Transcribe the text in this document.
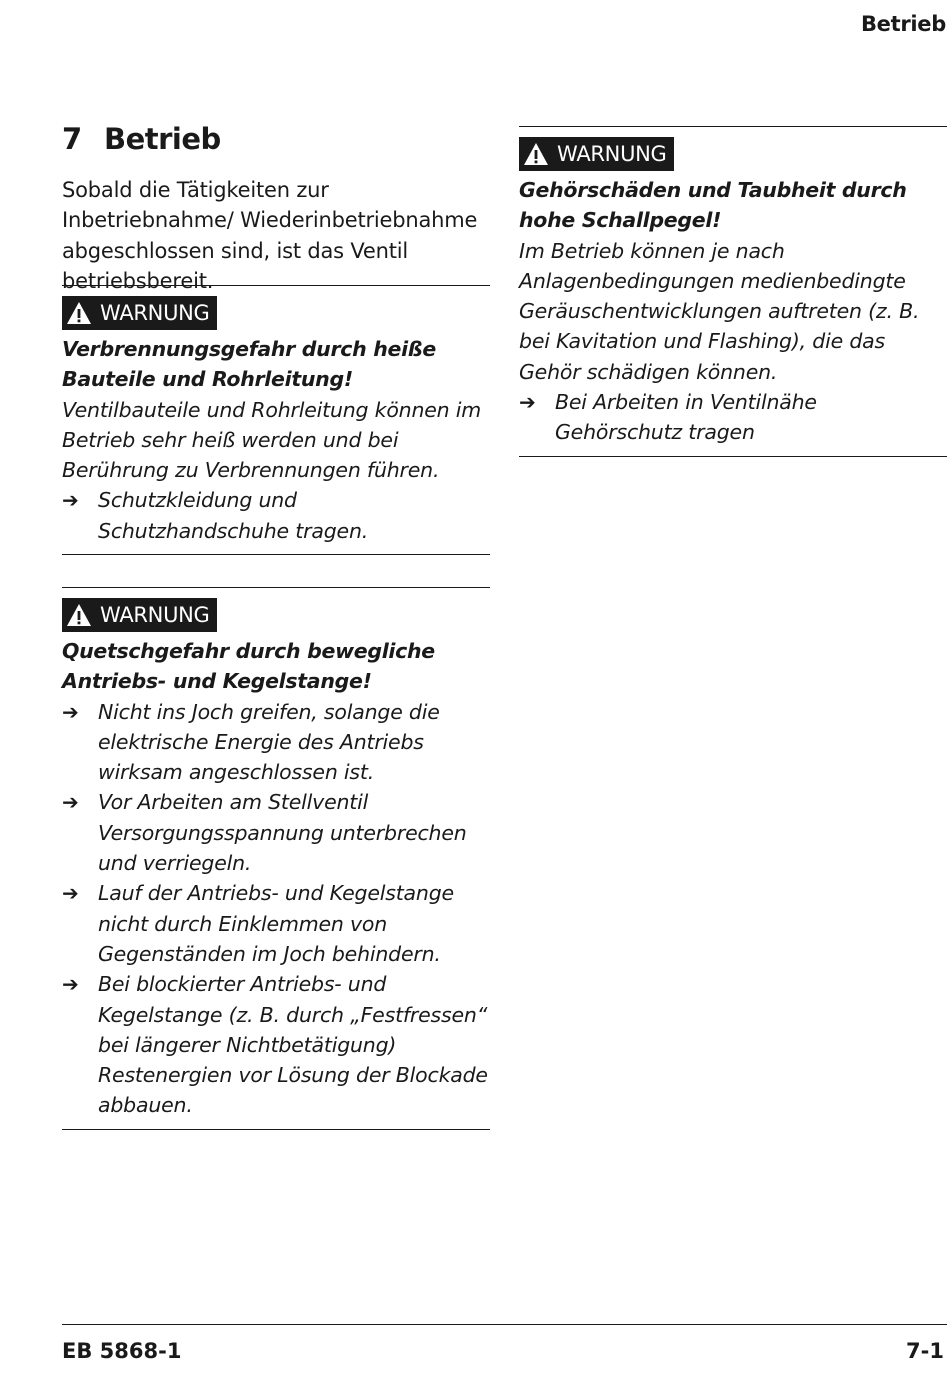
Betrieb
7 Betrieb

Sobald die Tätigkeiten zur Inbetriebnahme/ Wiederinbetriebnahme abgeschlossen sind, ist das Ventil betriebsbereit.

WARNUNG

Verbrennungsgefahr durch heiße Bauteile und Rohrleitung!

Ventilbauteile und Rohrleitung können im Betrieb sehr heiß werden und bei Berührung zu Verbrennungen führen.

➔ Schutzkleidung und Schutzhandschuhe tragen.
WARNUNG

Quetschgefahr durch bewegliche Antriebs- und Kegelstange!

➔ Nicht ins Joch greifen, solange die elektrische Energie des Antriebs wirksam angeschlossen ist.
➔ Vor Arbeiten am Stellventil Versorgungsspannung unterbrechen und verriegeln.
➔ Lauf der Antriebs- und Kegelstange nicht durch Einklemmen von Gegenständen im Joch behindern.
➔ Bei blockierter Antriebs- und Kegelstange (z. B. durch „Festfressen“ bei längerer Nichtbetätigung) Restenergien vor Lösung der Blockade abbauen.
WARNUNG

Gehörschäden und Taubheit durch hohe Schallpegel!

Im Betrieb können je nach Anlagenbedingungen medienbedingte Geräuschentwicklungen auftreten (z. B. bei Kavitation und Flashing), die das Gehör schädigen können.

➔ Bei Arbeiten in Ventilnähe Gehörschutz tragen
EB 5868-1	7-1
